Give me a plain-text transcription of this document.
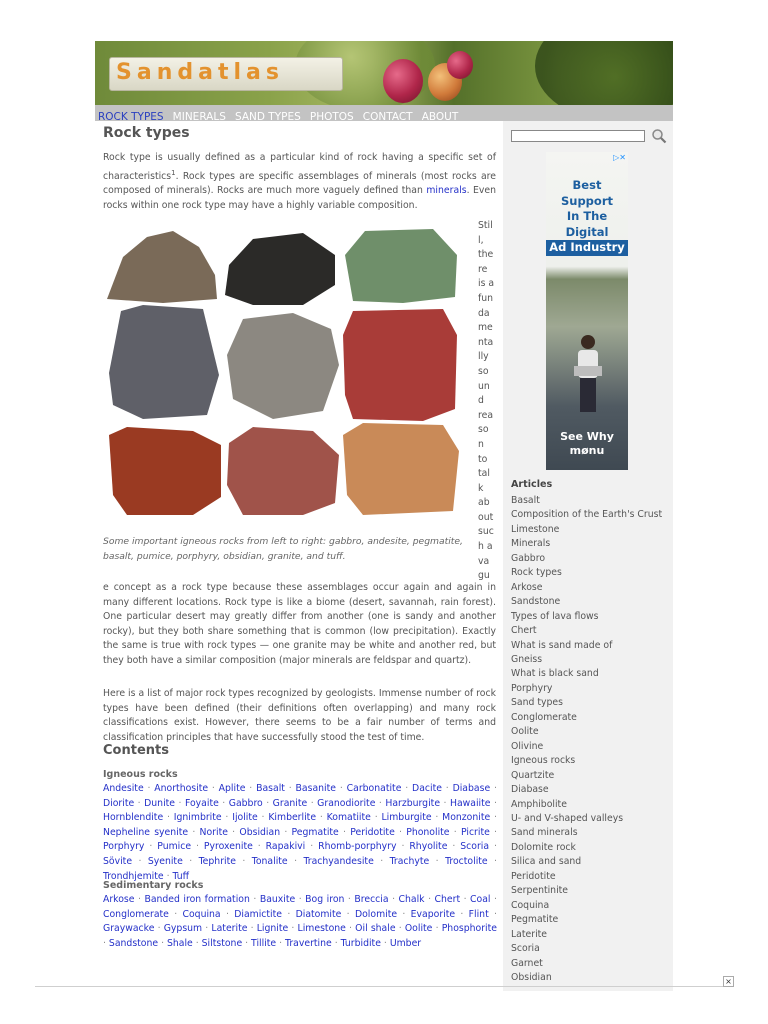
Sandatlas
ROCK TYPES MINERALS SAND TYPES PHOTOS CONTACT ABOUT
Rock types

Rock type is usually defined as a particular kind of rock having a specific set of characteristics$^1$. Rock types are specific assemblages of minerals (most rocks are composed of minerals). Rocks are much more vaguely defined than minerals. Even rocks within one rock type may have a highly variable composition.

Stil
l,
the
re
is a
fun
da
me
nta
lly
so
un
d
rea
so
n
to
tal
k
ab
out
suc
h a
va
gu

Some important igneous rocks from left to right: gabbro, andesite, pegmatite, basalt, pumice, porphyry, obsidian, granite, and tuff.

e concept as a rock type because these assemblages occur again and again in many different locations. Rock type is like a biome (desert, savannah, rain forest). One particular desert may greatly differ from another (one is sandy and another rocky), but they both share something that is common (low precipitation). Exactly the same is true with rock types — one granite may be white and another red, but they both have a similar composition (major minerals are feldspar and quartz).

Here is a list of major rock types recognized by geologists. Immense number of rock types have been defined (their definitions often overlapping) and many rock classifications exist. However, there seems to be a fair number of terms and classification principles that have successfully stood the test of time.

Contents
Igneous rocks
Andesite · Anorthosite · Aplite · Basalt · Basanite · Carbonatite · Dacite · Diabase · Diorite · Dunite · Foyaite · Gabbro · Granite · Granodiorite · Harzburgite · Hawaiite · Hornblendite · Ignimbrite · Ijolite · Kimberlite · Komatiite · Limburgite · Monzonite · Nepheline syenite · Norite · Obsidian · Pegmatite · Peridotite · Phonolite · Picrite · Porphyry · Pumice · Pyroxenite · Rapakivi · Rhomb-porphyry · Rhyolite · Scoria · Sövite · Syenite · Tephrite · Tonalite · Trachyandesite · Trachyte · Troctolite · Trondhjemite · Tuff
Sedimentary rocks
Arkose · Banded iron formation · Bauxite · Bog iron · Breccia · Chalk · Chert · Coal · Conglomerate · Coquina · Diamictite · Diatomite · Dolomite · Evaporite · Flint · Graywacke · Gypsum · Laterite · Lignite · Limestone · Oil shale · Oolite · Phosphorite · Sandstone · Shale · Siltstone · Tillite · Travertine · Turbidite · Umber
▷✕
Best Support
In The Digital
Ad Industry
See Why
mønu
Articles
Basalt
Composition of the Earth's Crust
Limestone
Minerals
Gabbro
Rock types
Arkose
Sandstone
Types of lava flows
Chert
What is sand made of
Gneiss
What is black sand
Porphyry
Sand types
Conglomerate
Oolite
Olivine
Igneous rocks
Quartzite
Diabase
Amphibolite
U- and V-shaped valleys
Sand minerals
Dolomite rock
Silica and sand
Peridotite
Serpentinite
Coquina
Pegmatite
Laterite
Scoria
Garnet
Obsidian	×
